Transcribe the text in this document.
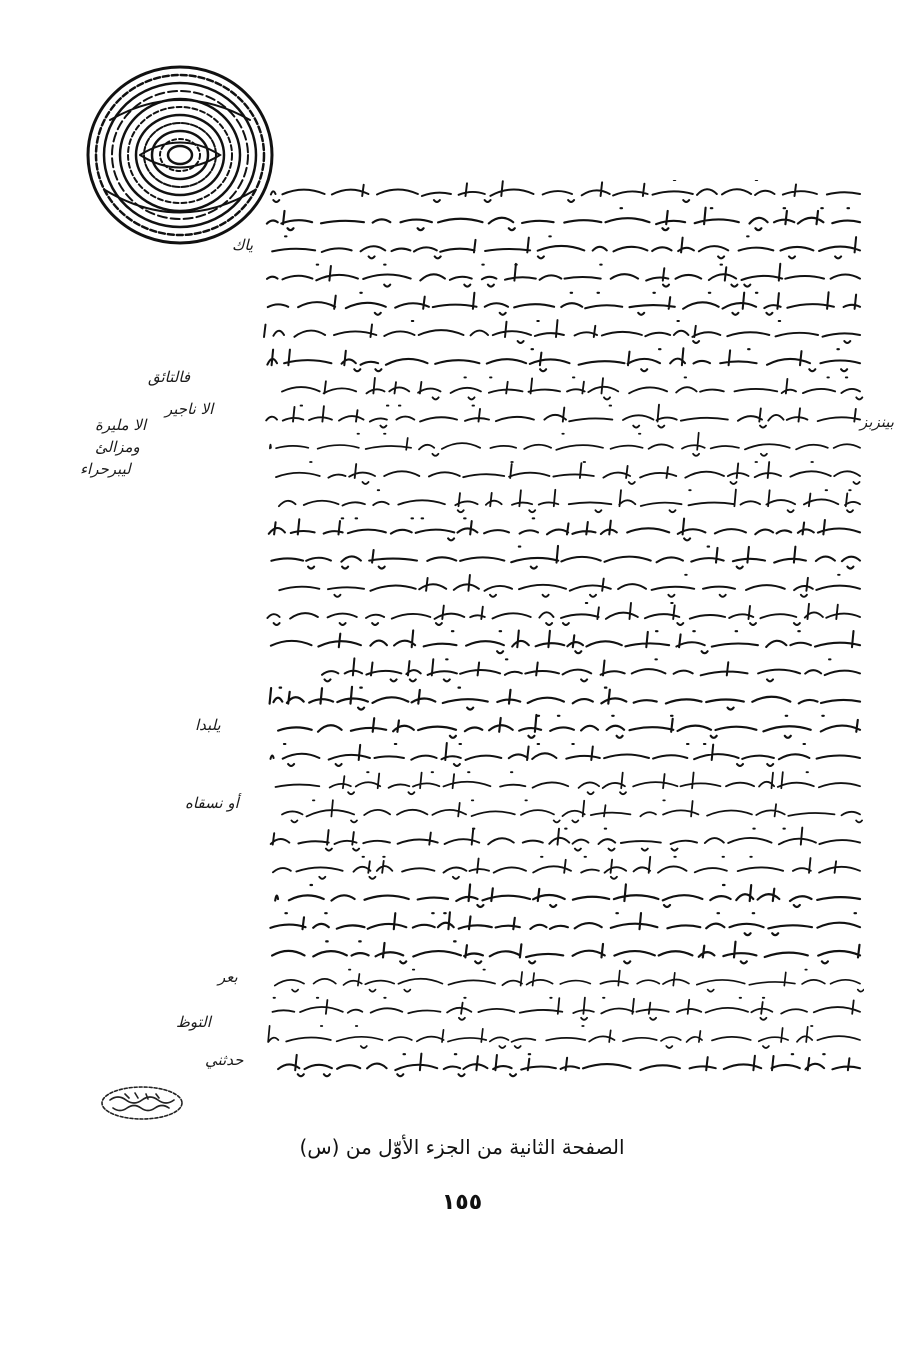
ياك
فالتائق
الا ناجير
الا مليرة
ومزالئ
ليبرحراء
بينزبز
يلبدا
أو نسقاه
بعر
التوظ
حدثني
الصفحة الثانية من الجزء الأوّل من (س)
١٥٥
